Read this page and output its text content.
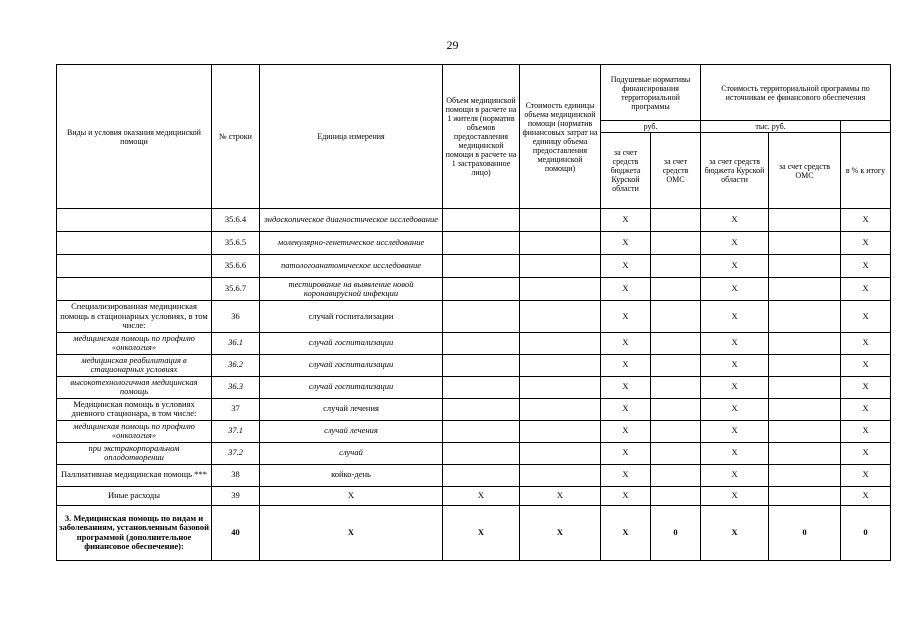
29
Виды и условия оказания медицинской помощи	№ строки	Единица измерения	Объем медицинской помощи в расчете на 1 жителя (норматив объемов предоставления медицинской помощи в расчете на 1 застрахованное лицо)	Стоимость единицы объема медицинской помощи (норматив финансовых затрат на единицу объема предоставления медицинской помощи)	Подушевые нормативы финансирования территориальной программы		Стоимость территориальной программы по источникам ее финансового обеспечения		
					руб.		тыс. руб.		
					за счет средств бюджета Курской области	за счет средств ОМС	за счет средств бюджета Курской области	за счет средств ОМС	в % к итогу
	35.6.4	эндоскопическое диагностическое исследование			X		X		X
	35.6.5	молекулярно-генетическое исследование			X		X		X
	35.6.6	патологоанатомическое исследование			X		X		X
	35.6.7	тестирование на выявление новой коронавирусной инфекции			X		X		X
Специализированная медицинская помощь в стационарных условиях, в том числе:	36	случай госпитализации			X		X		X
медицинская помощь по профилю «онкология»	36.1	случай госпитализации			X		X		X
медицинская реабилитация в стационарных условиях	36.2	случай госпитализации			X		X		X
высокотехнологичная медицинская помощь	36.3	случай госпитализации			X		X		X
Медицинская помощь в условиях дневного стационара, в том числе:	37	случай лечения			X		X		X
медицинская помощь по профилю «онкология»	37.1	случай лечения			X		X		X
при экстракорпоральном оплодотворении	37.2	случай			X		X		X
Паллиативная медицинская помощь ***	38	койко-день			X		X		X
Иные расходы	39	X	X	X	X		X		X
3. Медицинская помощь по видам и заболеваниям, установленным базовой программой (дополнительное финансовое обеспечение):	40	X	X	X	X	0	X	0	0
